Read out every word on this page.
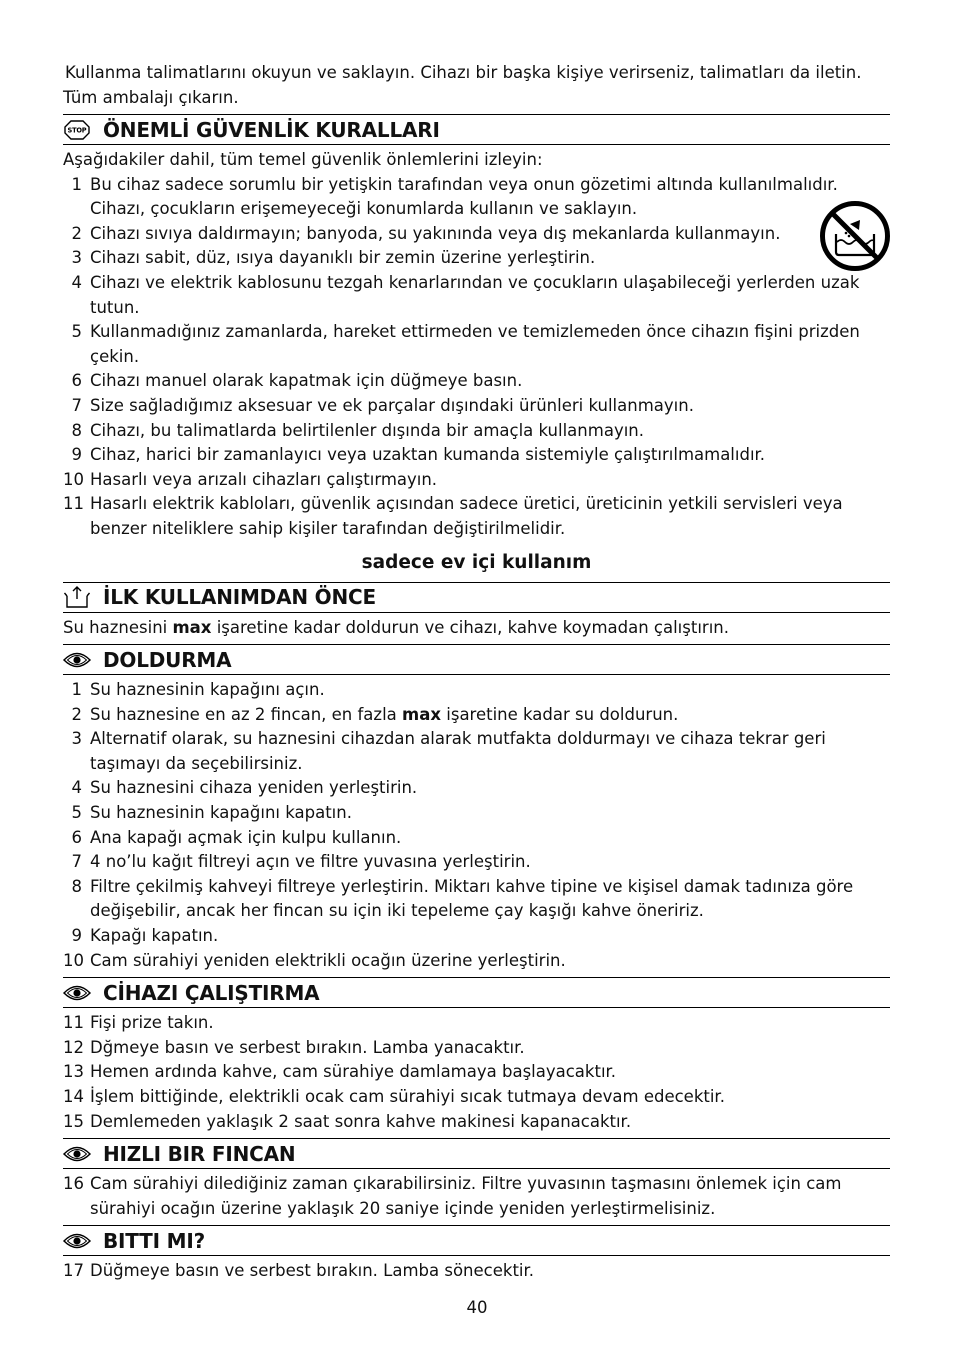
Kullanma talimatlarını okuyun ve saklayın. Cihazı bir başka kişiye verirseniz, talimatları da iletin.

Tüm ambalajı çıkarın.

STOP ÖNEMLİ GÜVENLİK KURALLARI

Aşağıdakiler dahil, tüm temel güvenlik önlemlerini izleyin:

1 Bu cihaz sadece sorumlu bir yetişkin tarafından veya onun gözetimi altında kullanılmalıdır. Cihazı, çocukların erişemeyeceği konumlarda kullanın ve saklayın.
2 Cihazı sıvıya daldırmayın; banyoda, su yakınında veya dış mekanlarda kullanmayın.
3 Cihazı sabit, düz, ısıya dayanıklı bir zemin üzerine yerleştirin.
4 Cihazı ve elektrik kablosunu tezgah kenarlarından ve çocukların ulaşabileceği yerlerden uzak tutun.
5 Kullanmadığınız zamanlarda, hareket ettirmeden ve temizlemeden önce cihazın fişini prizden çekin.
6 Cihazı manuel olarak kapatmak için düğmeye basın.
7 Size sağladığımız aksesuar ve ek parçalar dışındaki ürünleri kullanmayın.
8 Cihazı, bu talimatlarda belirtilenler dışında bir amaçla kullanmayın.
9 Cihaz, harici bir zamanlayıcı veya uzaktan kumanda sistemiyle çalıştırılmamalıdır.
10 Hasarlı veya arızalı cihazları çalıştırmayın.
11 Hasarlı elektrik kabloları, güvenlik açısından sadece üretici, üreticinin yetkili servisleri veya benzer niteliklere sahip kişiler tarafından değiştirilmelidir.
sadece ev içi kullanım
İLK KULLANIMDAN ÖNCE

Su haznesini max işaretine kadar doldurun ve cihazı, kahve koymadan çalıştırın.

DOLDURMA
1 Su haznesinin kapağını açın.
2 Su haznesine en az 2 fincan, en fazla max işaretine kadar su doldurun.
3 Alternatif olarak, su haznesini cihazdan alarak mutfakta doldurmayı ve cihaza tekrar geri taşımayı da seçebilirsiniz.
4 Su haznesini cihaza yeniden yerleştirin.
5 Su haznesinin kapağını kapatın.
6 Ana kapağı açmak için kulpu kullanın.
7 4 no’lu kağıt filtreyi açın ve filtre yuvasına yerleştirin.
8 Filtre çekilmiş kahveyi filtreye yerleştirin. Miktarı kahve tipine ve kişisel damak tadınıza göre değişebilir, ancak her fincan su için iki tepeleme çay kaşığı kahve öneririz.
9 Kapağı kapatın.
10 Cam sürahiyi yeniden elektrikli ocağın üzerine yerleştirin.
CİHAZI ÇALIŞTIRMA
11 Fişi prize takın.
12 Dğmeye basın ve serbest bırakın. Lamba yanacaktır.
13 Hemen ardında kahve, cam sürahiye damlamaya başlayacaktır.
14 İşlem bittiğinde, elektrikli ocak cam sürahiyi sıcak tutmaya devam edecektir.
15 Demlemeden yaklaşık 2 saat sonra kahve makinesi kapanacaktır.
HIZLI BIR FINCAN
16 Cam sürahiyi dilediğiniz zaman çıkarabilirsiniz. Filtre yuvasının taşmasını önlemek için cam sürahiyi ocağın üzerine yaklaşık 20 saniye içinde yeniden yerleştirmelisiniz.
BITTI MI?
17 Düğmeye basın ve serbest bırakın. Lamba sönecektir.
40
